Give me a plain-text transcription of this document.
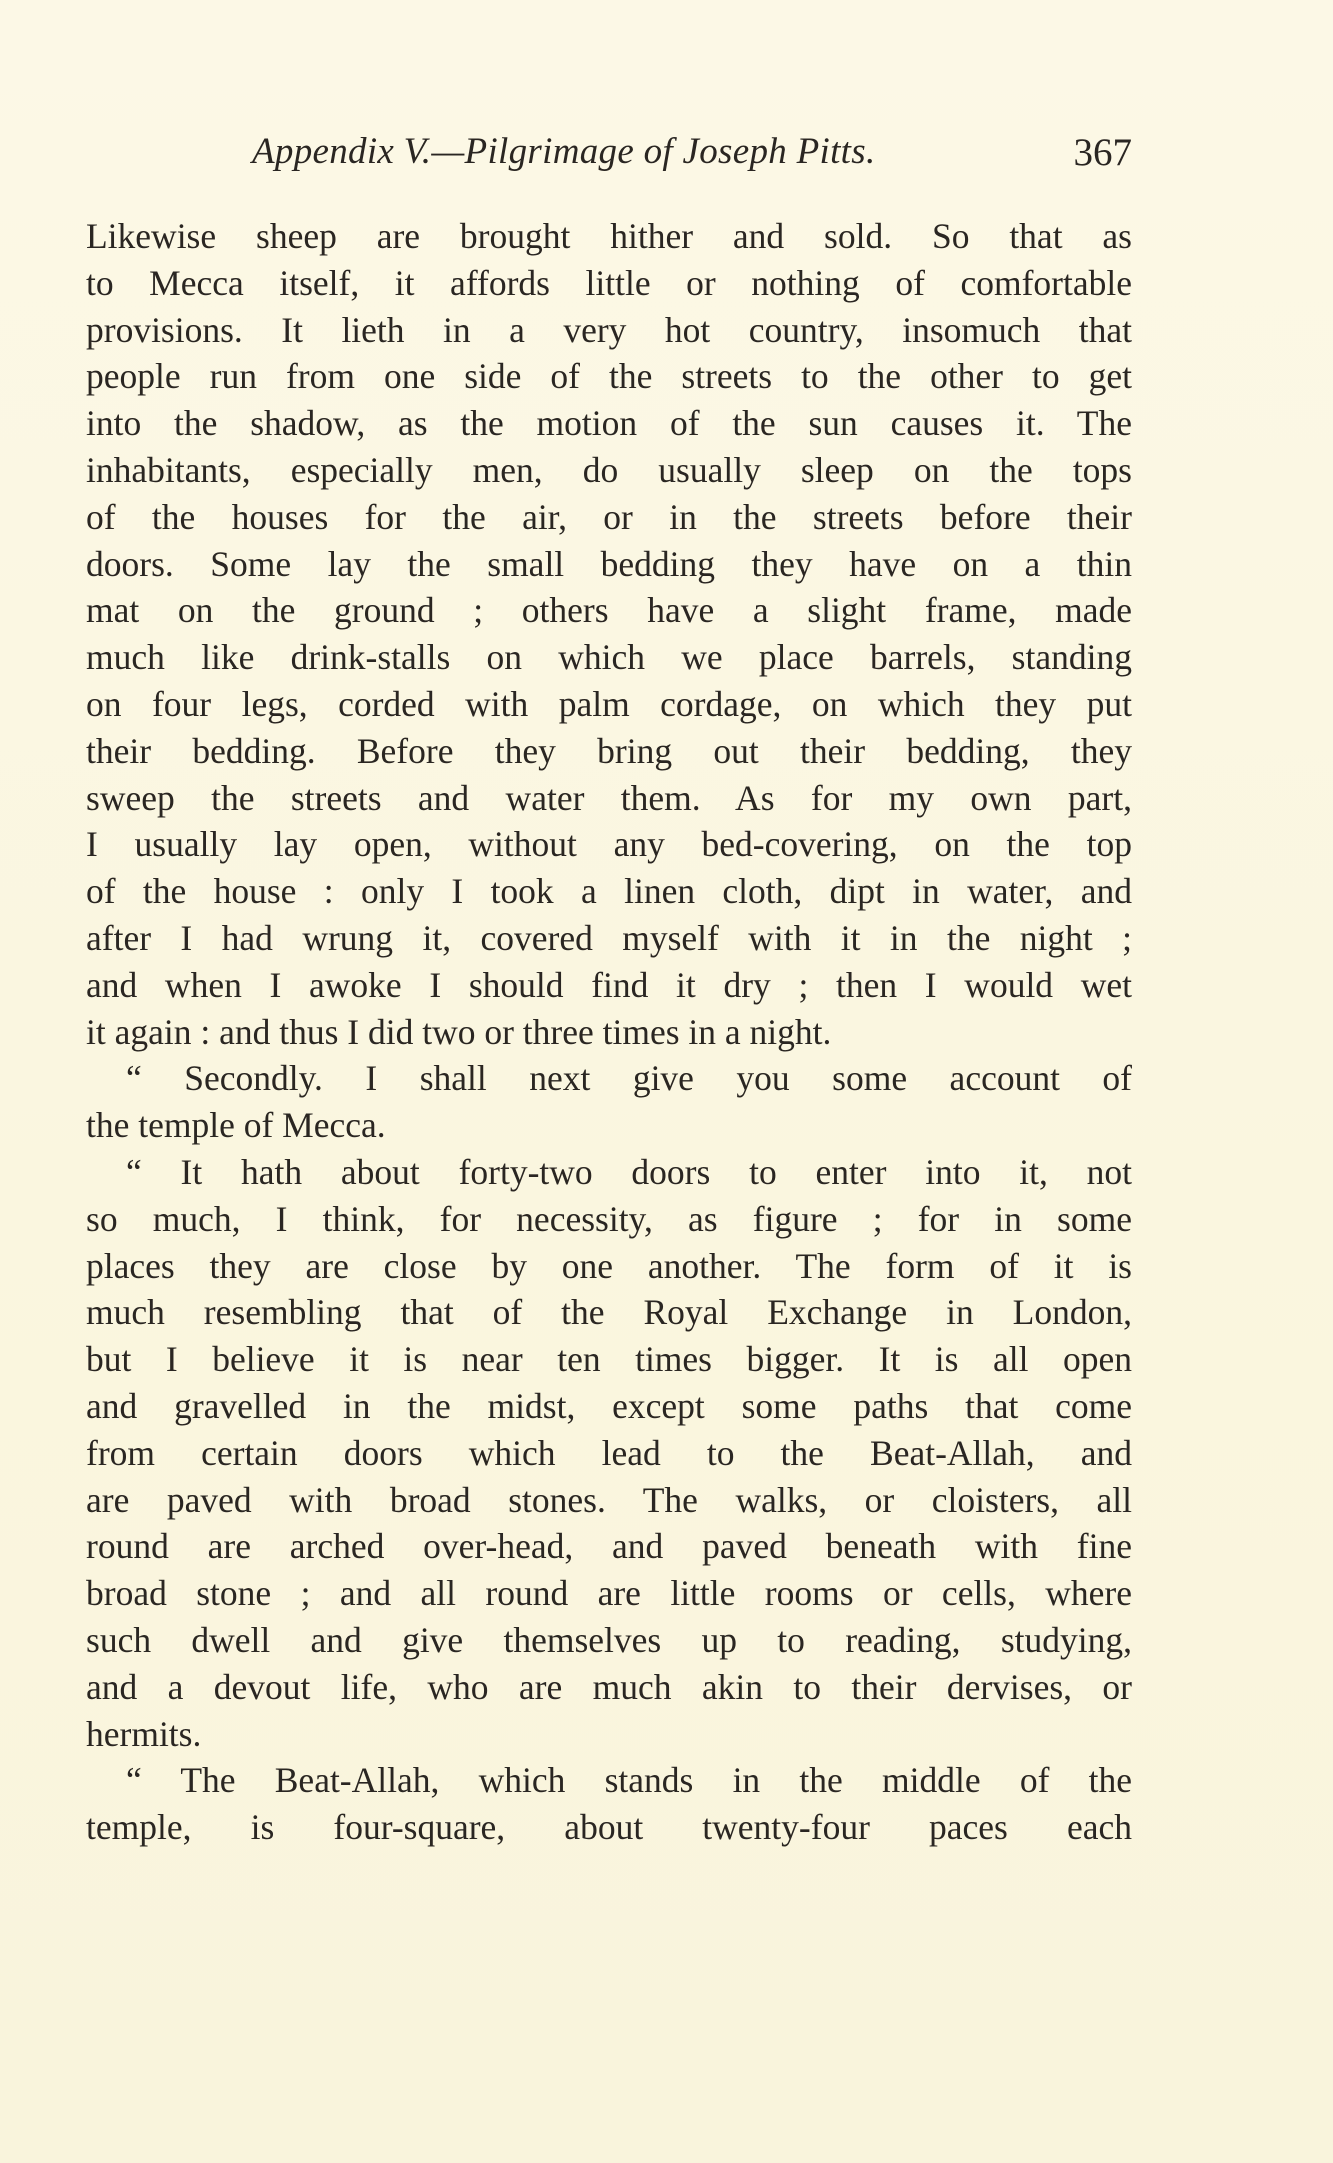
Appendix V.—Pilgrimage of Joseph Pitts.	367
Likewise sheep are brought hither and sold. So that as
to Mecca itself, it affords little or nothing of comfortable
provisions. It lieth in a very hot country, insomuch that
people run from one side of the streets to the other to get
into the shadow, as the motion of the sun causes it. The
inhabitants, especially men, do usually sleep on the tops
of the houses for the air, or in the streets before their
doors. Some lay the small bedding they have on a thin
mat on the ground ; others have a slight frame, made
much like drink-stalls on which we place barrels, standing
on four legs, corded with palm cordage, on which they put
their bedding. Before they bring out their bedding, they
sweep the streets and water them. As for my own part,
I usually lay open, without any bed-covering, on the top
of the house : only I took a linen cloth, dipt in water, and
after I had wrung it, covered myself with it in the night ;
and when I awoke I should find it dry ; then I would wet
it again : and thus I did two or three times in a night.
“ Secondly. I shall next give you some account of
the temple of Mecca.
“ It hath about forty-two doors to enter into it, not
so much, I think, for necessity, as figure ; for in some
places they are close by one another. The form of it is
much resembling that of the Royal Exchange in London,
but I believe it is near ten times bigger. It is all open
and gravelled in the midst, except some paths that come
from certain doors which lead to the Beat-Allah, and
are paved with broad stones. The walks, or cloisters, all
round are arched over-head, and paved beneath with fine
broad stone ; and all round are little rooms or cells, where
such dwell and give themselves up to reading, studying,
and a devout life, who are much akin to their dervises, or
hermits.
“ The Beat-Allah, which stands in the middle of the
temple, is four-square, about twenty-four paces each
